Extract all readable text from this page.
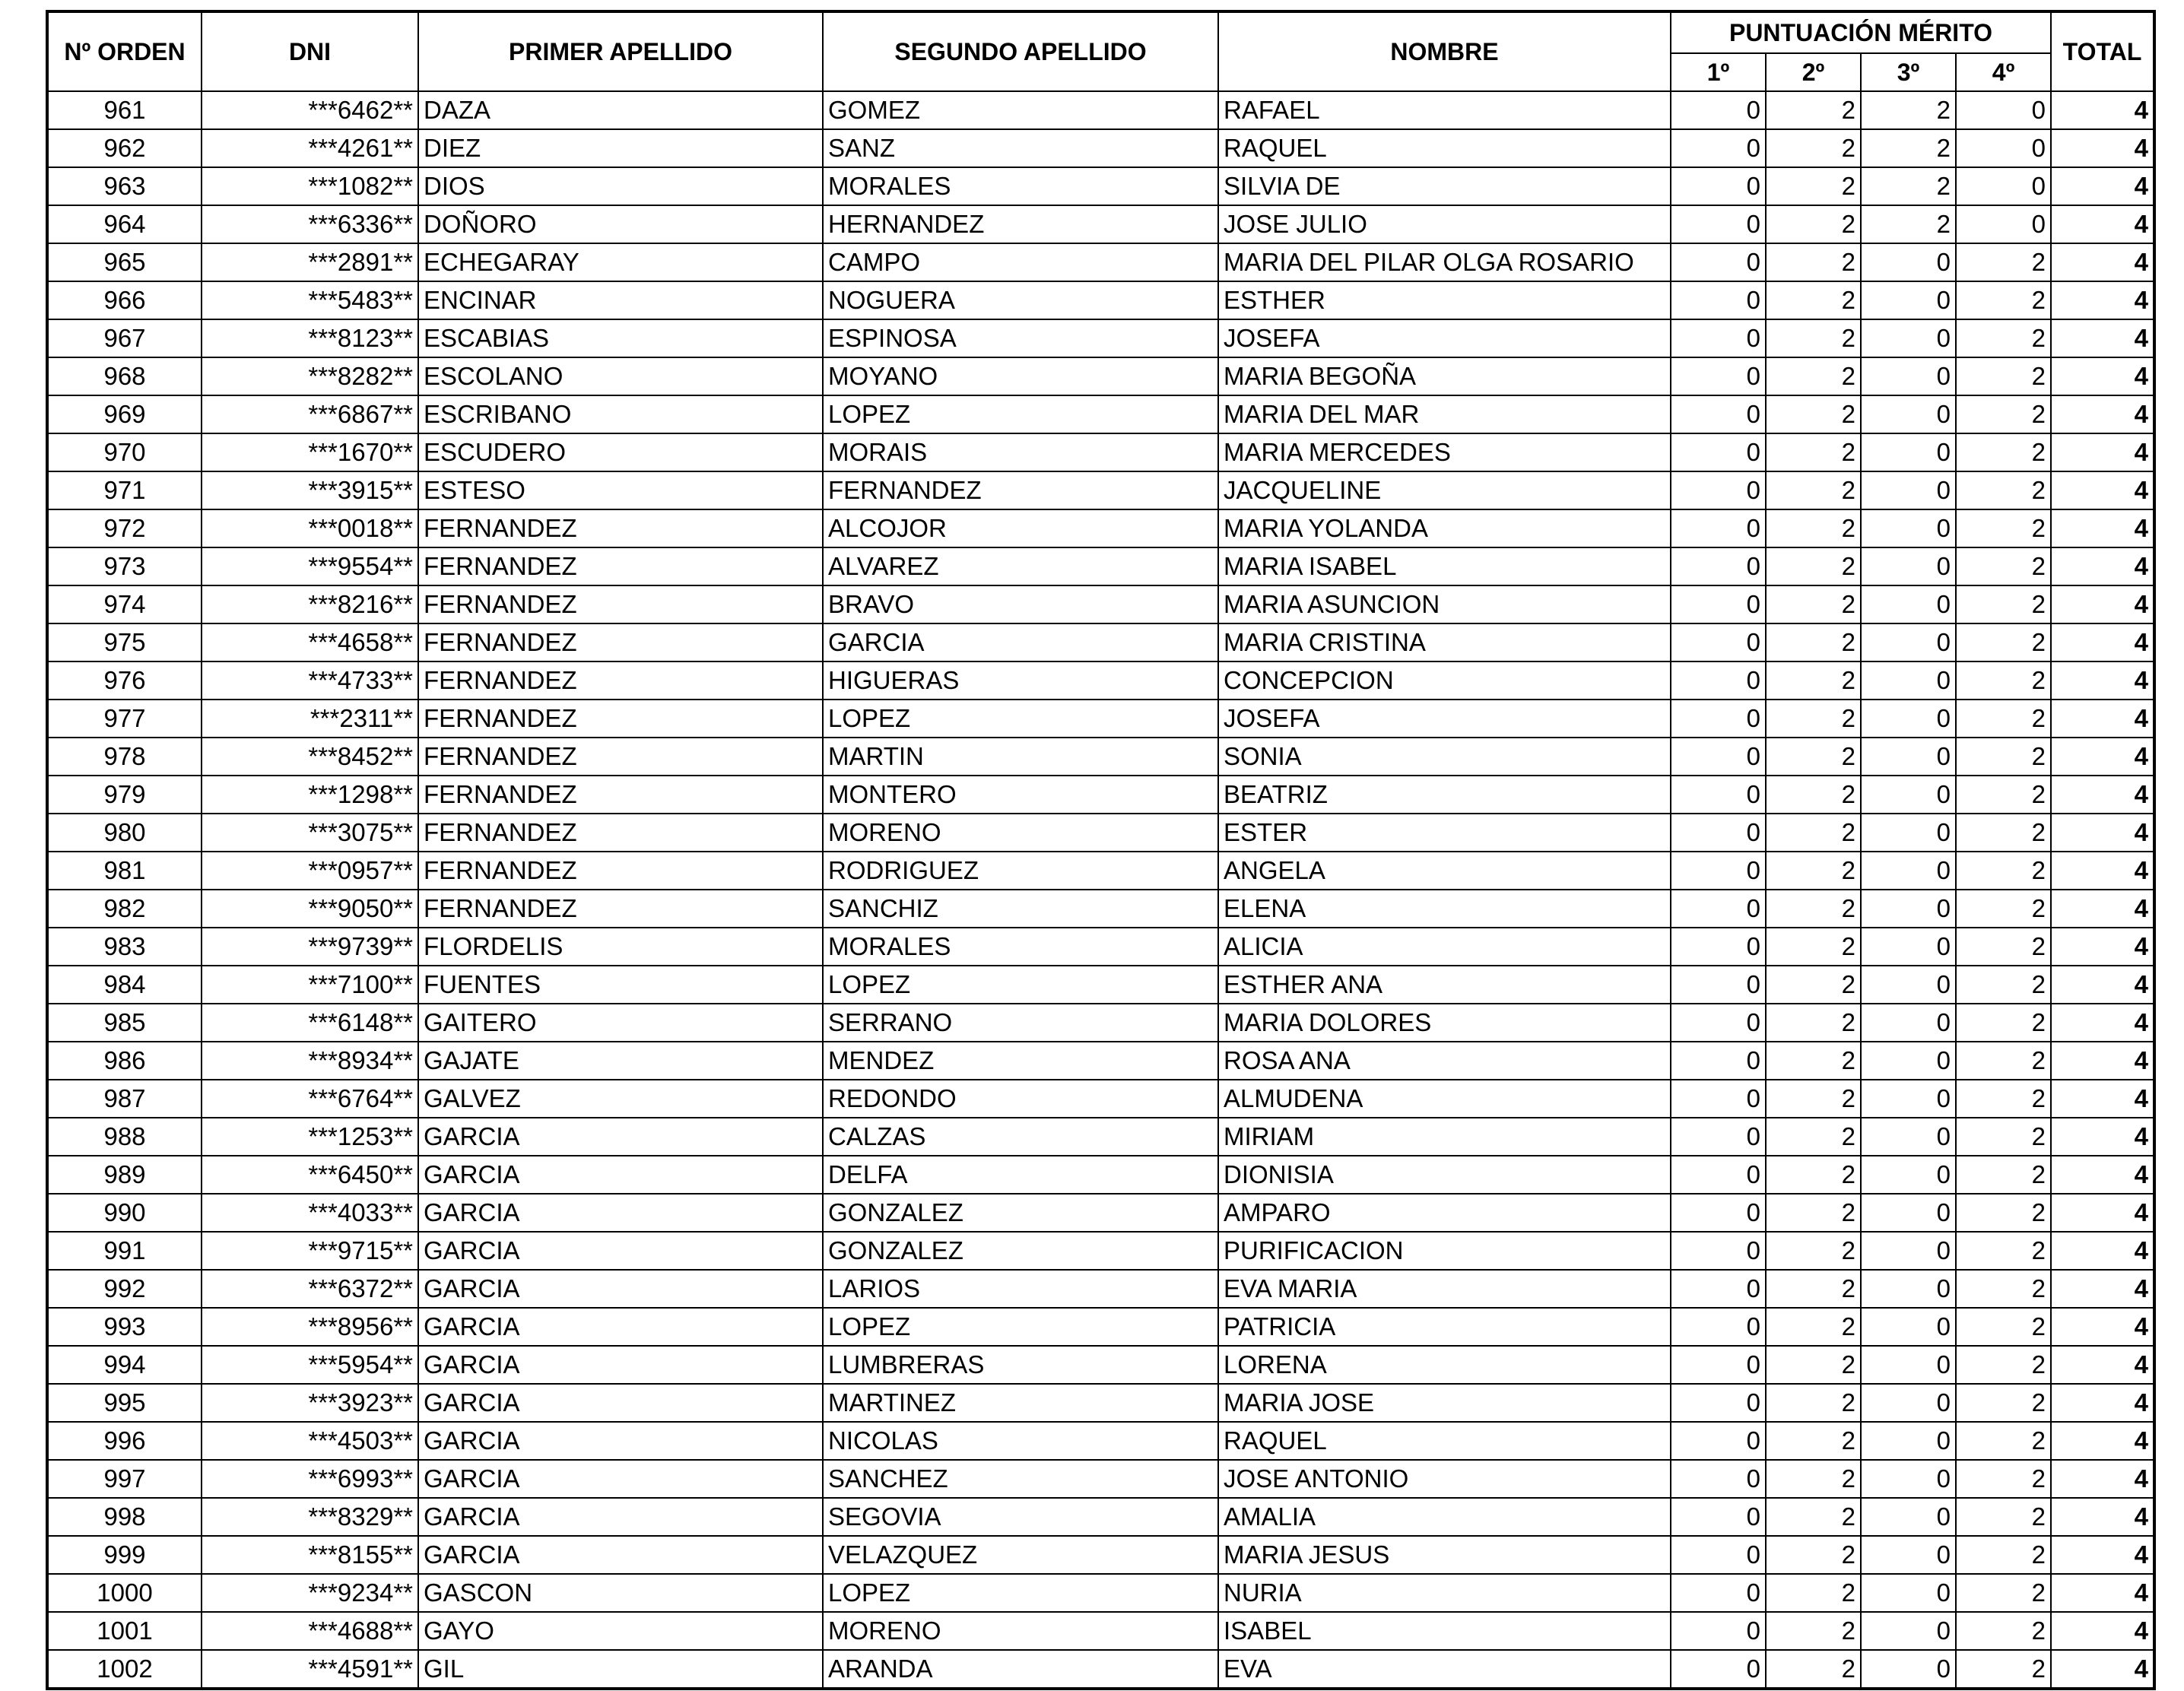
Nº ORDEN	DNI	PRIMER APELLIDO	SEGUNDO APELLIDO	NOMBRE	PUNTUACIÓN MÉRITO				TOTAL
					1º	2º	3º	4º	
961	***6462**	DAZA	GOMEZ	RAFAEL	0	2	2	0	4
962	***4261**	DIEZ	SANZ	RAQUEL	0	2	2	0	4
963	***1082**	DIOS	MORALES	SILVIA DE	0	2	2	0	4
964	***6336**	DOÑORO	HERNANDEZ	JOSE JULIO	0	2	2	0	4
965	***2891**	ECHEGARAY	CAMPO	MARIA DEL PILAR OLGA ROSARIO	0	2	0	2	4
966	***5483**	ENCINAR	NOGUERA	ESTHER	0	2	0	2	4
967	***8123**	ESCABIAS	ESPINOSA	JOSEFA	0	2	0	2	4
968	***8282**	ESCOLANO	MOYANO	MARIA BEGOÑA	0	2	0	2	4
969	***6867**	ESCRIBANO	LOPEZ	MARIA DEL MAR	0	2	0	2	4
970	***1670**	ESCUDERO	MORAIS	MARIA MERCEDES	0	2	0	2	4
971	***3915**	ESTESO	FERNANDEZ	JACQUELINE	0	2	0	2	4
972	***0018**	FERNANDEZ	ALCOJOR	MARIA YOLANDA	0	2	0	2	4
973	***9554**	FERNANDEZ	ALVAREZ	MARIA ISABEL	0	2	0	2	4
974	***8216**	FERNANDEZ	BRAVO	MARIA ASUNCION	0	2	0	2	4
975	***4658**	FERNANDEZ	GARCIA	MARIA CRISTINA	0	2	0	2	4
976	***4733**	FERNANDEZ	HIGUERAS	CONCEPCION	0	2	0	2	4
977	***2311**	FERNANDEZ	LOPEZ	JOSEFA	0	2	0	2	4
978	***8452**	FERNANDEZ	MARTIN	SONIA	0	2	0	2	4
979	***1298**	FERNANDEZ	MONTERO	BEATRIZ	0	2	0	2	4
980	***3075**	FERNANDEZ	MORENO	ESTER	0	2	0	2	4
981	***0957**	FERNANDEZ	RODRIGUEZ	ANGELA	0	2	0	2	4
982	***9050**	FERNANDEZ	SANCHIZ	ELENA	0	2	0	2	4
983	***9739**	FLORDELIS	MORALES	ALICIA	0	2	0	2	4
984	***7100**	FUENTES	LOPEZ	ESTHER ANA	0	2	0	2	4
985	***6148**	GAITERO	SERRANO	MARIA DOLORES	0	2	0	2	4
986	***8934**	GAJATE	MENDEZ	ROSA ANA	0	2	0	2	4
987	***6764**	GALVEZ	REDONDO	ALMUDENA	0	2	0	2	4
988	***1253**	GARCIA	CALZAS	MIRIAM	0	2	0	2	4
989	***6450**	GARCIA	DELFA	DIONISIA	0	2	0	2	4
990	***4033**	GARCIA	GONZALEZ	AMPARO	0	2	0	2	4
991	***9715**	GARCIA	GONZALEZ	PURIFICACION	0	2	0	2	4
992	***6372**	GARCIA	LARIOS	EVA MARIA	0	2	0	2	4
993	***8956**	GARCIA	LOPEZ	PATRICIA	0	2	0	2	4
994	***5954**	GARCIA	LUMBRERAS	LORENA	0	2	0	2	4
995	***3923**	GARCIA	MARTINEZ	MARIA JOSE	0	2	0	2	4
996	***4503**	GARCIA	NICOLAS	RAQUEL	0	2	0	2	4
997	***6993**	GARCIA	SANCHEZ	JOSE ANTONIO	0	2	0	2	4
998	***8329**	GARCIA	SEGOVIA	AMALIA	0	2	0	2	4
999	***8155**	GARCIA	VELAZQUEZ	MARIA JESUS	0	2	0	2	4
1000	***9234**	GASCON	LOPEZ	NURIA	0	2	0	2	4
1001	***4688**	GAYO	MORENO	ISABEL	0	2	0	2	4
1002	***4591**	GIL	ARANDA	EVA	0	2	0	2	4
